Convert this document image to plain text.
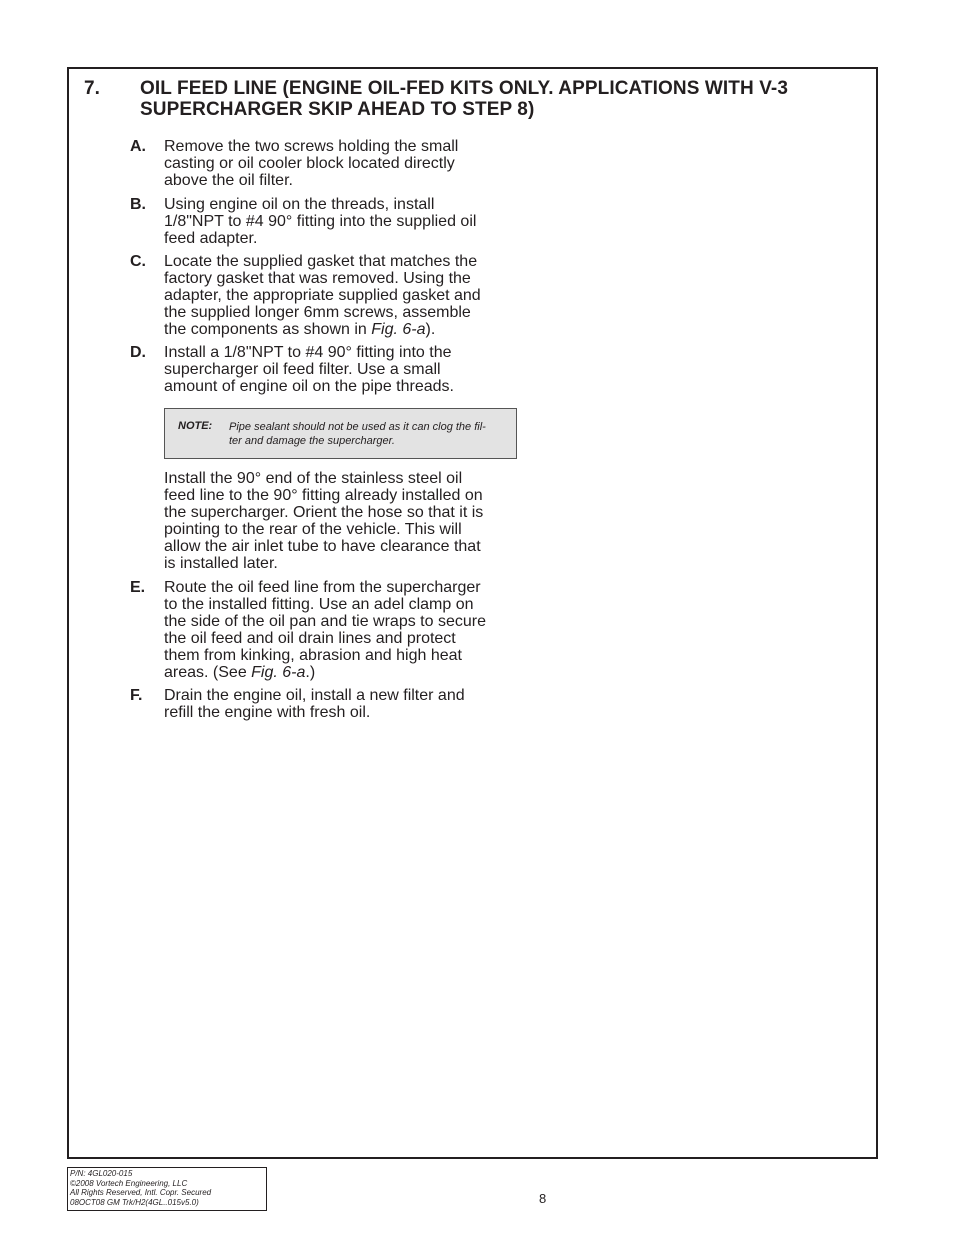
7. OIL FEED LINE (ENGINE OIL-FED KITS ONLY. APPLICATIONS WITH V-3 SUPERCHARGER SKIP AHEAD TO STEP 8)
A. Remove the two screws holding the small
casting or oil cooler block located directly
above the oil filter.
B. Using engine oil on the threads, install
1/8"NPT to #4 90° fitting into the supplied oil
feed adapter.
C. Locate the supplied gasket that matches the
factory gasket that was removed. Using the
adapter, the appropriate supplied gasket and
the supplied longer 6mm screws, assemble
the components as shown in Fig. 6-a).
D. Install a 1/8"NPT to #4 90° fitting into the
supercharger oil feed filter. Use a small
amount of engine oil on the pipe threads.
NOTE: Pipe sealant should not be used as it can clog the fil-
ter and damage the supercharger.
Install the 90° end of the stainless steel oil
feed line to the 90° fitting already installed on
the supercharger. Orient the hose so that it is
pointing to the rear of the vehicle. This will
allow the air inlet tube to have clearance that
is installed later.
E. Route the oil feed line from the supercharger
to the installed fitting. Use an adel clamp on
the side of the oil pan and tie wraps to secure
the oil feed and oil drain lines and protect
them from kinking, abrasion and high heat
areas. (See Fig. 6-a.)
F. Drain the engine oil, install a new filter and
refill the engine with fresh oil.
P/N: 4GL020-015
©2008 Vortech Engineering, LLC
All Rights Reserved, Intl. Copr. Secured
08OCT08 GM Trk/H2(4GL..015v5.0)	8
